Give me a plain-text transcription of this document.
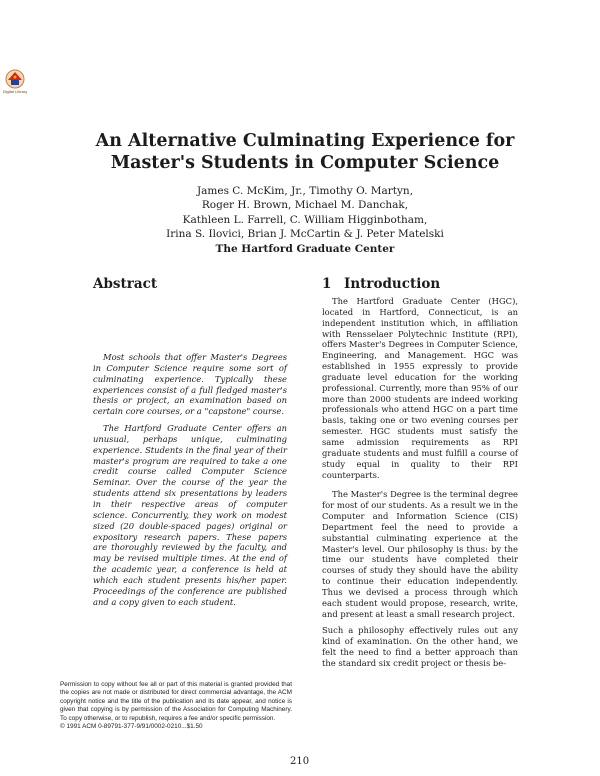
Digital Library
An Alternative Culminating Experience for
Master's Students in Computer Science
James C. McKim, Jr., Timothy O. Martyn,
Roger H. Brown, Michael M. Danchak,
Kathleen L. Farrell, C. William Higginbotham,
Irina S. Ilovici, Brian J. McCartin & J. Peter Matelski
The Hartford Graduate Center
Abstract	1 Introduction

Most schools that offer Master's Degrees in Computer Science require some sort of culminating experience. Typically these experiences consist of a full fledged master's thesis or project, an examination based on certain core courses, or a "capstone" course.

The Hartford Graduate Center offers an unusual, perhaps unique, culminating experience. Students in the final year of their master's program are required to take a one credit course called Computer Science Seminar. Over the course of the year the students attend six presentations by leaders in their respective areas of computer science. Concurrently, they work on modest sized (20 double-spaced pages) original or expository research papers. These papers are thoroughly reviewed by the faculty, and may be revised multiple times. At the end of the academic year, a conference is held at which each student presents his/her paper. Proceedings of the conference are published and a copy given to each student.

The Hartford Graduate Center (HGC), located in Hartford, Connecticut, is an independent institution which, in affiliation with Rensselaer Polytechnic Institute (RPI), offers Master's Degrees in Computer Science, Engineering, and Management. HGC was established in 1955 expressly to provide graduate level education for the working professional. Currently, more than 95% of our more than 2000 students are indeed working professionals who attend HGC on a part time basis, taking one or two evening courses per semester. HGC students must satisfy the same admission requirements as RPI graduate students and must fulfill a course of study equal in quality to their RPI counterparts.

The Master's Degree is the terminal degree for most of our students. As a result we in the Computer and Information Science (CIS) Department feel the need to provide a substantial culminating experience at the Master's level. Our philosophy is thus: by the time our students have completed their courses of study they should have the ability to continue their education independently. Thus we devised a process through which each student would propose, research, write, and present at least a small research project.

Such a philosophy effectively rules out any kind of examination. On the other hand, we felt the need to find a better approach than the standard six credit project or thesis be-

Permission to copy without fee all or part of this material is granted provided that the copies are not made or distributed for direct commercial advantage, the ACM copyright notice and the title of the publication and its date appear, and notice is given that copying is by permission of the Association for Computing Machinery. To copy otherwise, or to republish, requires a fee and/or specific permission.

© 1991 ACM 0-89791-377-9/91/0002-0210...$1.50

210
